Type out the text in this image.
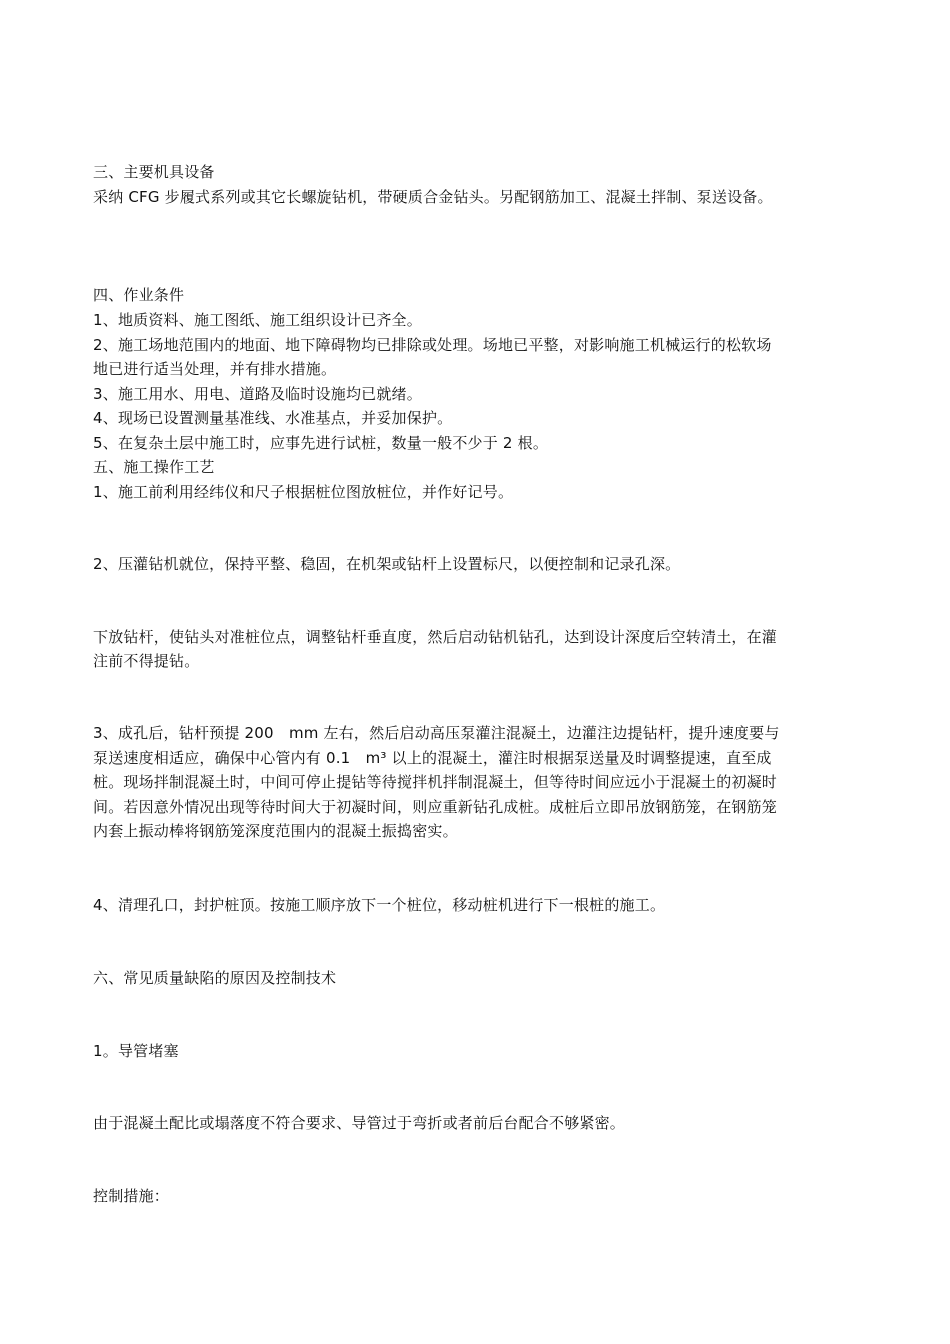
三、主要机具设备
采纳 CFG 步履式系列或其它长螺旋钻机，带硬质合金钻头。另配钢筋加工、混凝土拌制、泵送设备。
四、作业条件
1、地质资料、施工图纸、施工组织设计已齐全。
2、施工场地范围内的地面、地下障碍物均已排除或处理。场地已平整，对影响施工机械运行的松软场
地已进行适当处理，并有排水措施。
3、施工用水、用电、道路及临时设施均已就绪。
4、现场已设置测量基准线、水准基点，并妥加保护。
5、在复杂土层中施工时，应事先进行试桩，数量一般不少于 2 根。
五、施工操作工艺
1、施工前利用经纬仪和尺子根据桩位图放桩位，并作好记号。
2、压灌钻机就位，保持平整、稳固，在机架或钻杆上设置标尺，以便控制和记录孔深。
下放钻杆，使钻头对准桩位点，调整钻杆垂直度，然后启动钻机钻孔，达到设计深度后空转清土，在灌
注前不得提钻。
3、成孔后，钻杆预提 200　mm 左右，然后启动高压泵灌注混凝土，边灌注边提钻杆，提升速度要与
泵送速度相适应，确保中心管内有 0.1　m³ 以上的混凝土，灌注时根据泵送量及时调整提速，直至成
桩。现场拌制混凝土时，中间可停止提钻等待搅拌机拌制混凝土，但等待时间应远小于混凝土的初凝时
间。若因意外情况出现等待时间大于初凝时间，则应重新钻孔成桩。成桩后立即吊放钢筋笼，在钢筋笼
内套上振动棒将钢筋笼深度范围内的混凝土振捣密实。
4、清理孔口，封护桩顶。按施工顺序放下一个桩位，移动桩机进行下一根桩的施工。
六、常见质量缺陷的原因及控制技术
1。导管堵塞
由于混凝土配比或塌落度不符合要求、导管过于弯折或者前后台配合不够紧密。
控制措施：
